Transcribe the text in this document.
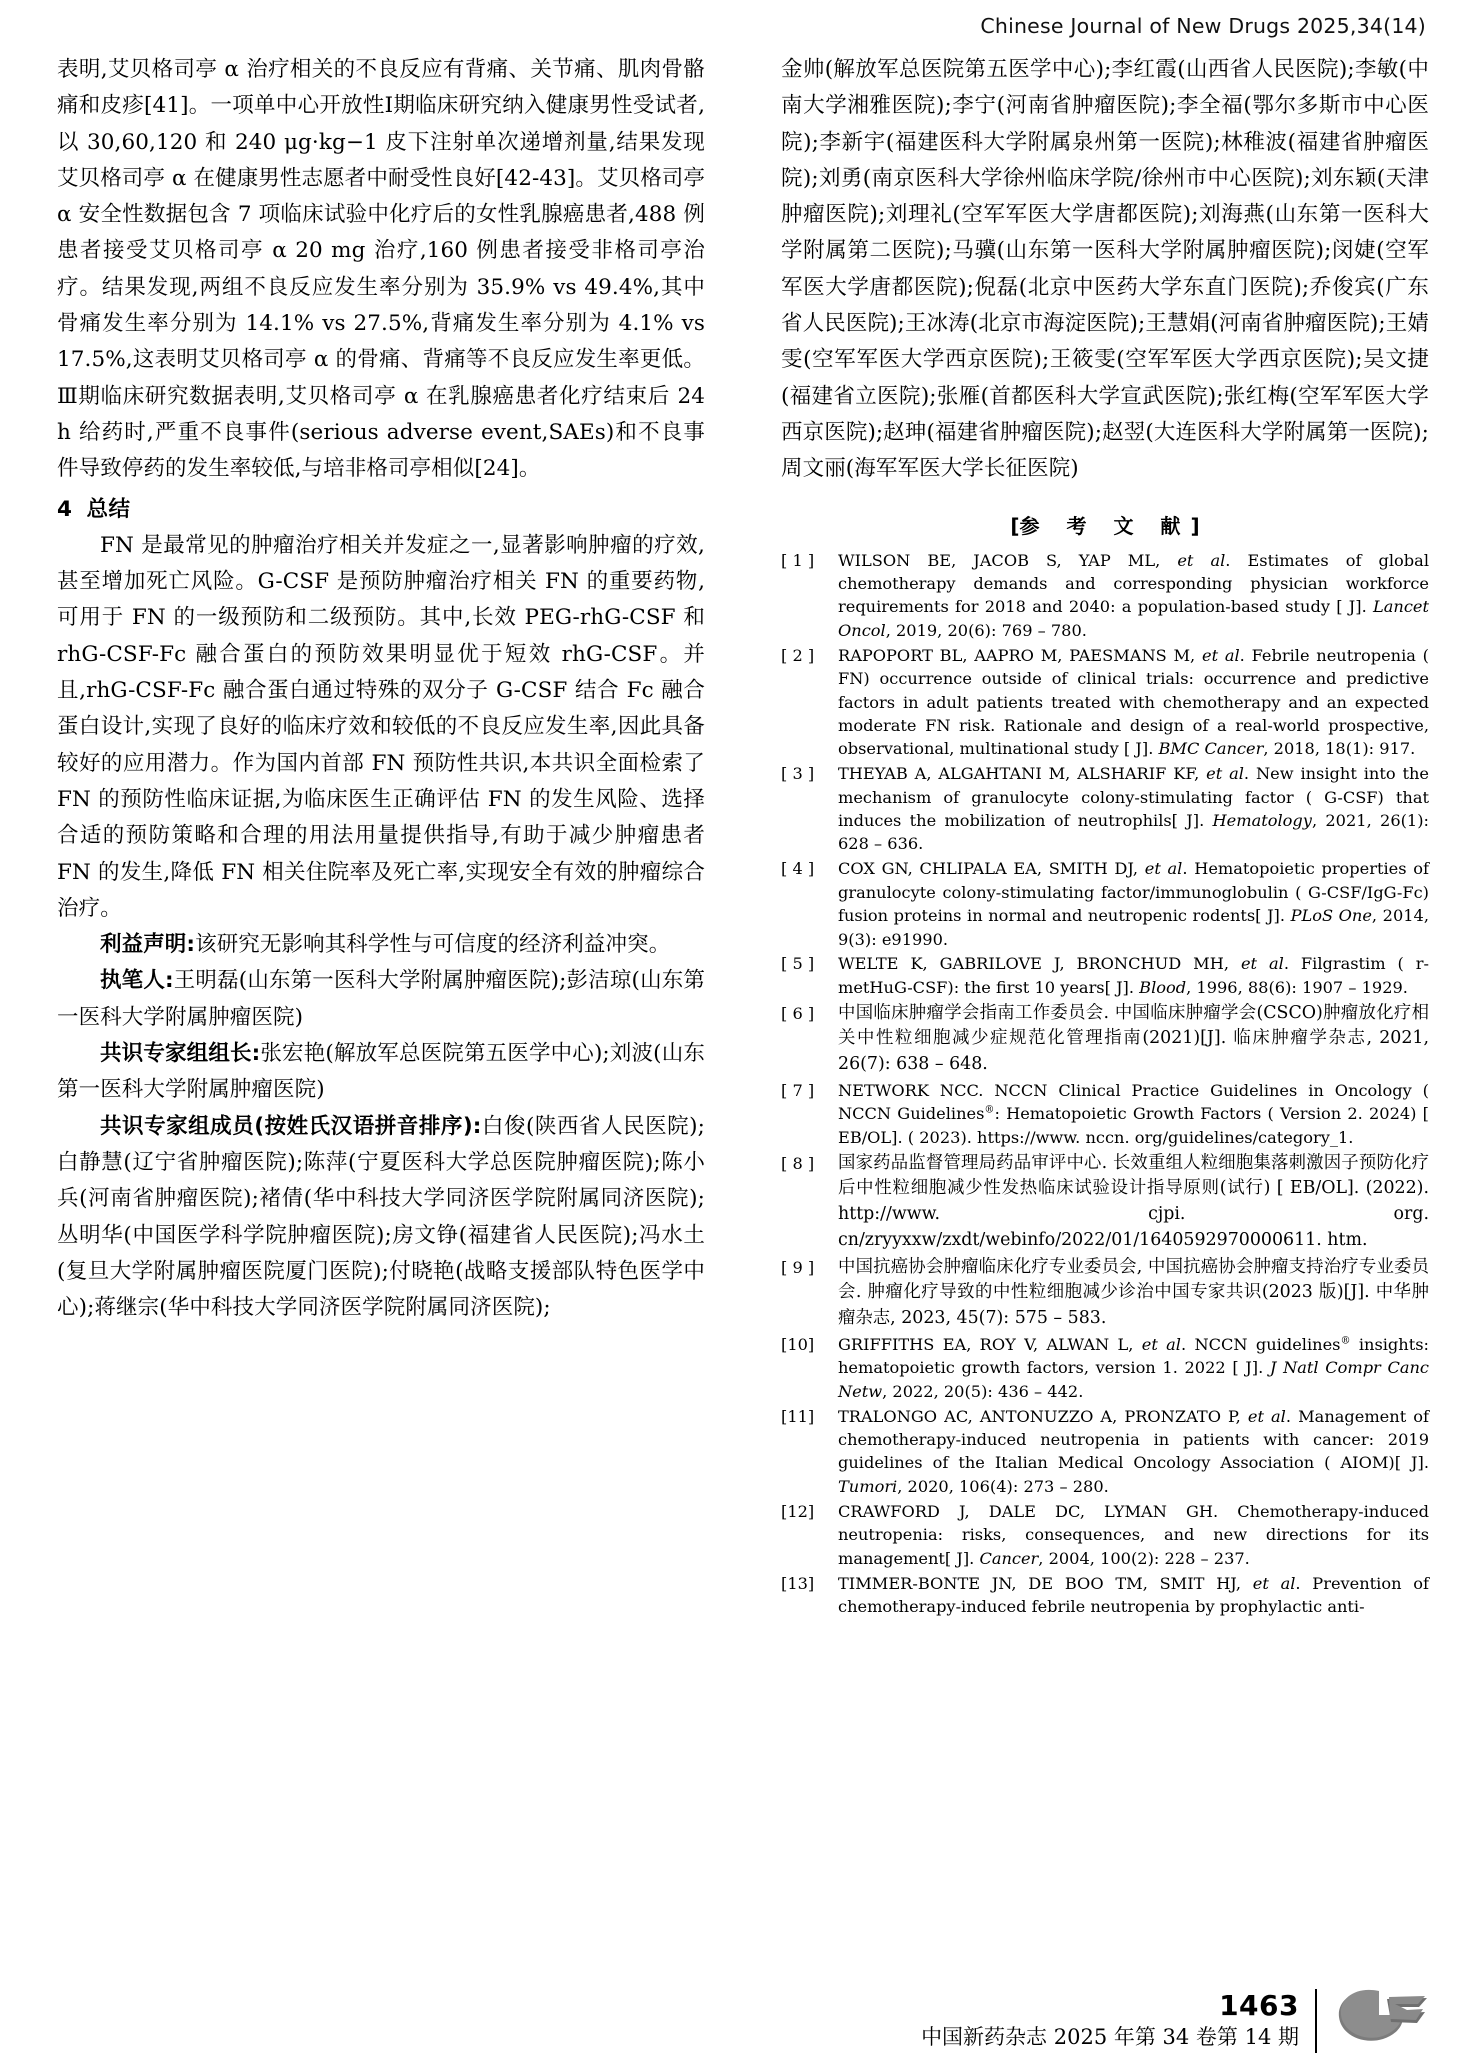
Chinese Journal of New Drugs 2025,34(14)

表明,艾贝格司亭 α 治疗相关的不良反应有背痛、关节痛、肌肉骨骼痛和皮疹[41]。一项单中心开放性Ⅰ期临床研究纳入健康男性受试者,以 30,60,120 和 240 μg·kg−1 皮下注射单次递增剂量,结果发现艾贝格司亭 α 在健康男性志愿者中耐受性良好[42-43]。艾贝格司亭 α 安全性数据包含 7 项临床试验中化疗后的女性乳腺癌患者,488 例患者接受艾贝格司亭 α 20 mg 治疗,160 例患者接受非格司亭治疗。结果发现,两组不良反应发生率分别为 35.9% vs 49.4%,其中骨痛发生率分别为 14.1% vs 27.5%,背痛发生率分别为 4.1% vs 17.5%,这表明艾贝格司亭 α 的骨痛、背痛等不良反应发生率更低。Ⅲ期临床研究数据表明,艾贝格司亭 α 在乳腺癌患者化疗结束后 24 h 给药时,严重不良事件(serious adverse event,SAEs)和不良事件导致停药的发生率较低,与培非格司亭相似[24]。

4 总结

FN 是最常见的肿瘤治疗相关并发症之一,显著影响肿瘤的疗效,甚至增加死亡风险。G-CSF 是预防肿瘤治疗相关 FN 的重要药物,可用于 FN 的一级预防和二级预防。其中,长效 PEG-rhG-CSF 和 rhG-CSF-Fc 融合蛋白的预防效果明显优于短效 rhG-CSF。并且,rhG-CSF-Fc 融合蛋白通过特殊的双分子 G-CSF 结合 Fc 融合蛋白设计,实现了良好的临床疗效和较低的不良反应发生率,因此具备较好的应用潜力。作为国内首部 FN 预防性共识,本共识全面检索了 FN 的预防性临床证据,为临床医生正确评估 FN 的发生风险、选择合适的预防策略和合理的用法用量提供指导,有助于减少肿瘤患者 FN 的发生,降低 FN 相关住院率及死亡率,实现安全有效的肿瘤综合治疗。

利益声明:该研究无影响其科学性与可信度的经济利益冲突。

执笔人:王明磊(山东第一医科大学附属肿瘤医院);彭洁琼(山东第一医科大学附属肿瘤医院)

共识专家组组长:张宏艳(解放军总医院第五医学中心);刘波(山东第一医科大学附属肿瘤医院)

共识专家组成员(按姓氏汉语拼音排序):白俊(陕西省人民医院);白静慧(辽宁省肿瘤医院);陈萍(宁夏医科大学总医院肿瘤医院);陈小兵(河南省肿瘤医院);褚倩(华中科技大学同济医学院附属同济医院);丛明华(中国医学科学院肿瘤医院);房文铮(福建省人民医院);冯水土(复旦大学附属肿瘤医院厦门医院);付晓艳(战略支援部队特色医学中心);蒋继宗(华中科技大学同济医学院附属同济医院);

金帅(解放军总医院第五医学中心);李红霞(山西省人民医院);李敏(中南大学湘雅医院);李宁(河南省肿瘤医院);李全福(鄂尔多斯市中心医院);李新宇(福建医科大学附属泉州第一医院);林稚波(福建省肿瘤医院);刘勇(南京医科大学徐州临床学院/徐州市中心医院);刘东颖(天津肿瘤医院);刘理礼(空军军医大学唐都医院);刘海燕(山东第一医科大学附属第二医院);马骥(山东第一医科大学附属肿瘤医院);闵婕(空军军医大学唐都医院);倪磊(北京中医药大学东直门医院);乔俊宾(广东省人民医院);王冰涛(北京市海淀医院);王慧娟(河南省肿瘤医院);王婧雯(空军军医大学西京医院);王筱雯(空军军医大学西京医院);吴文捷(福建省立医院);张雁(首都医科大学宣武医院);张红梅(空军军医大学西京医院);赵珅(福建省肿瘤医院);赵翌(大连医科大学附属第一医院);周文丽(海军军医大学长征医院)

[参 考 文 献]
[ 1 ]	WILSON BE, JACOB S, YAP ML, et al. Estimates of global chemotherapy demands and corresponding physician workforce requirements for 2018 and 2040: a population-based study [ J]. Lancet Oncol, 2019, 20(6): 769 – 780.
[ 2 ]	RAPOPORT BL, AAPRO M, PAESMANS M, et al. Febrile neutropenia ( FN) occurrence outside of clinical trials: occurrence and predictive factors in adult patients treated with chemotherapy and an expected moderate FN risk. Rationale and design of a real-world prospective, observational, multinational study [ J]. BMC Cancer, 2018, 18(1): 917.
[ 3 ]	THEYAB A, ALGAHTANI M, ALSHARIF KF, et al. New insight into the mechanism of granulocyte colony-stimulating factor ( G-CSF) that induces the mobilization of neutrophils[ J]. Hematology, 2021, 26(1): 628 – 636.
[ 4 ]	COX GN, CHLIPALA EA, SMITH DJ, et al. Hematopoietic properties of granulocyte colony-stimulating factor/immunoglobulin ( G-CSF/IgG-Fc) fusion proteins in normal and neutropenic rodents[ J]. PLoS One, 2014, 9(3): e91990.
[ 5 ]	WELTE K, GABRILOVE J, BRONCHUD MH, et al. Filgrastim ( r-metHuG-CSF): the first 10 years[ J]. Blood, 1996, 88(6): 1907 – 1929.
[ 6 ]	中国临床肿瘤学会指南工作委员会. 中国临床肿瘤学会(CSCO)肿瘤放化疗相关中性粒细胞减少症规范化管理指南(2021)[J]. 临床肿瘤学杂志, 2021, 26(7): 638 – 648.
[ 7 ]	NETWORK NCC. NCCN Clinical Practice Guidelines in Oncology ( NCCN Guidelines®: Hematopoietic Growth Factors ( Version 2. 2024) [ EB/OL]. ( 2023). https://www. nccn. org/guidelines/category_1.
[ 8 ]	国家药品监督管理局药品审评中心. 长效重组人粒细胞集落刺激因子预防化疗后中性粒细胞减少性发热临床试验设计指导原则(试行) [ EB/OL]. (2022). http://www. cjpi. org. cn/zryyxxw/zxdt/webinfo/2022/01/1640592970000611. htm.
[ 9 ]	中国抗癌协会肿瘤临床化疗专业委员会, 中国抗癌协会肿瘤支持治疗专业委员会. 肿瘤化疗导致的中性粒细胞减少诊治中国专家共识(2023 版)[J]. 中华肿瘤杂志, 2023, 45(7): 575 – 583.
[10]	GRIFFITHS EA, ROY V, ALWAN L, et al. NCCN guidelines® insights: hematopoietic growth factors, version 1. 2022 [ J]. J Natl Compr Canc Netw, 2022, 20(5): 436 – 442.
[11]	TRALONGO AC, ANTONUZZO A, PRONZATO P, et al. Management of chemotherapy-induced neutropenia in patients with cancer: 2019 guidelines of the Italian Medical Oncology Association ( AIOM)[ J]. Tumori, 2020, 106(4): 273 – 280.
[12]	CRAWFORD J, DALE DC, LYMAN GH. Chemotherapy-induced neutropenia: risks, consequences, and new directions for its management[ J]. Cancer, 2004, 100(2): 228 – 237.
[13]	TIMMER-BONTE JN, DE BOO TM, SMIT HJ, et al. Prevention of chemotherapy-induced febrile neutropenia by prophylactic anti-
1463
中国新药杂志 2025 年第 34 卷第 14 期
